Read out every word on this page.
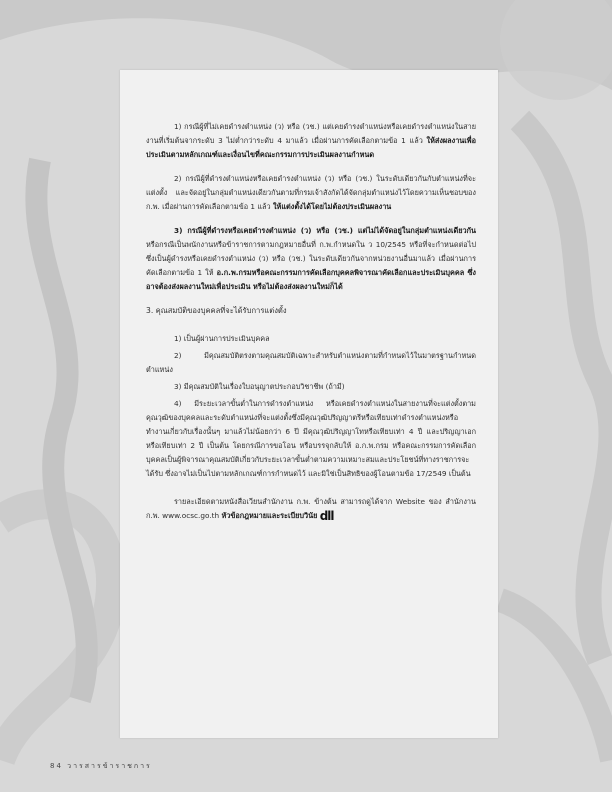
1) กรณีผู้ที่ไม่เคยดำรงตำแหน่ง (ว) หรือ (วช.) แต่เคยดำรงตำแหน่งหรือเคยดำรงตำแหน่งในสายงานที่เริ่มต้นจากระดับ 3 ไม่ต่ำกว่าระดับ 4 มาแล้ว เมื่อผ่านการคัดเลือกตามข้อ 1 แล้ว ให้ส่งผลงานเพื่อประเมินตามหลักเกณฑ์และเงื่อนไขที่คณะกรรมการประเมินผลงานกำหนด

2) กรณีผู้ที่ดำรงตำแหน่งหรือเคยดำรงตำแหน่ง (ว) หรือ (วช.) ในระดับเดียวกันกับตำแหน่งที่จะแต่งตั้ง และจัดอยู่ในกลุ่มตำแหน่งเดียวกันตามที่กรมเจ้าสังกัดได้จัดกลุ่มตำแหน่งไว้โดยความเห็นชอบของ ก.พ. เมื่อผ่านการคัดเลือกตามข้อ 1 แล้ว ให้แต่งตั้งได้โดยไม่ต้องประเมินผลงาน

3) กรณีผู้ที่ดำรงหรือเคยดำรงตำแหน่ง (ว) หรือ (วช.) แต่ไม่ได้จัดอยู่ในกลุ่มตำแหน่งเดียวกัน หรือกรณีเป็นพนักงานหรือข้าราชการตามกฎหมายอื่นที่ ก.พ.กำหนดใน ว 10/2545 หรือที่จะกำหนดต่อไป ซึ่งเป็นผู้ดำรงหรือเคยดำรงตำแหน่ง (ว) หรือ (วช.) ในระดับเดียวกันจากหน่วยงานอื่นมาแล้ว เมื่อผ่านการคัดเลือกตามข้อ 1 ให้ อ.ก.พ.กรมหรือคณะกรรมการคัดเลือกบุคคลพิจารณาคัดเลือกและประเมินบุคคล ซึ่งอาจต้องส่งผลงานใหม่เพื่อประเมิน หรือไม่ต้องส่งผลงานใหม่ก็ได้

3. คุณสมบัติของบุคคลที่จะได้รับการแต่งตั้ง

1) เป็นผู้ผ่านการประเมินบุคคล

2) มีคุณสมบัติตรงตามคุณสมบัติเฉพาะสำหรับตำแหน่งตามที่กำหนดไว้ในมาตรฐานกำหนดตำแหน่ง

3) มีคุณสมบัติในเรื่องใบอนุญาตประกอบวิชาชีพ (ถ้ามี)

4) มีระยะเวลาขั้นต่ำในการดำรงตำแหน่ง หรือเคยดำรงตำแหน่งในสายงานที่จะแต่งตั้งตามคุณวุฒิของบุคคลและระดับตำแหน่งที่จะแต่งตั้งซึ่งมีคุณวุฒิปริญญาตรีหรือเทียบเท่าดำรงตำแหน่งหรือทำงานเกี่ยวกับเรื่องนั้นๆ มาแล้วไม่น้อยกว่า 6 ปี มีคุณวุฒิปริญญาโทหรือเทียบเท่า 4 ปี และปริญญาเอกหรือเทียบเท่า 2 ปี เป็นต้น โดยกรณีการขอโอน หรือบรรจุกลับให้ อ.ก.พ.กรม หรือคณะกรรมการคัดเลือกบุคคลเป็นผู้พิจารณาคุณสมบัติเกี่ยวกับระยะเวลาขั้นต่ำตามความเหมาะสมและประโยชน์ที่ทางราชการจะได้รับ ซึ่งอาจไม่เป็นไปตามหลักเกณฑ์การกำหนดไว้ และมิใช่เป็นสิทธิของผู้โอนตามข้อ 17/2549 เป็นต้น

รายละเอียดตามหนังสือเวียนสำนักงาน ก.พ. ข้างต้น สามารถดูได้จาก Website ของ สำนักงาน ก.พ. www.ocsc.go.th หัวข้อกฎหมายและระเบียบวินัย dll

84 วารสารข้าราชการ
